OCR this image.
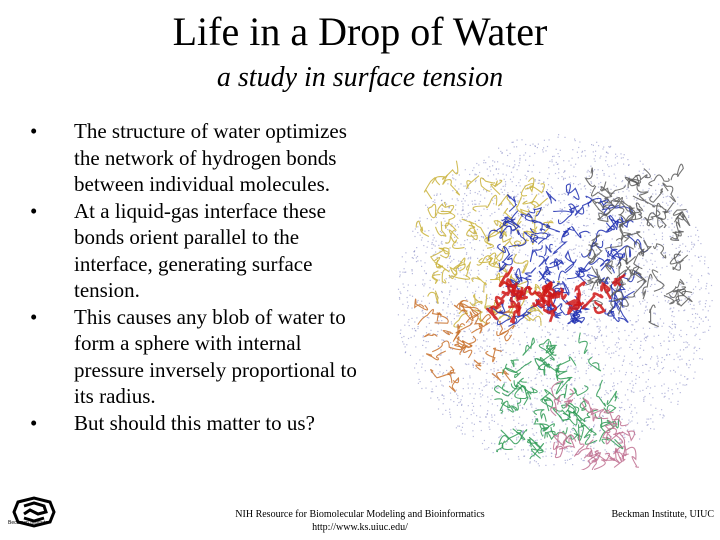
Life in a Drop of Water
a study in surface tension
• The structure of water optimizes the network of hydrogen bonds between individual molecules.
• At a liquid-gas interface these bonds orient parallel to the interface, generating surface tension.
• This causes any blob of water to form a sphere with internal pressure inversely proportional to its radius.
• But should this matter to us?
Beckman Institute
NIH Resource for Biomolecular Modeling and Bioinformatics
http://www.ks.uiuc.edu/
Beckman Institute, UIUC
